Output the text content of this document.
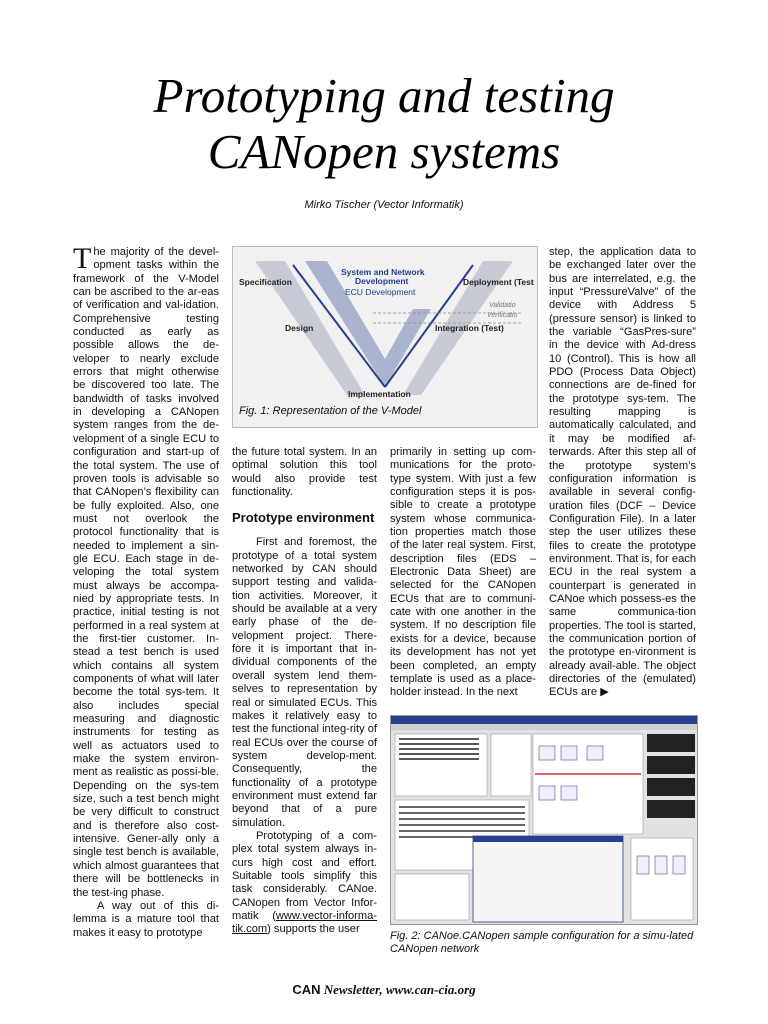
Prototyping and testing
CANopen systems
Mirko Tischer (Vector Informatik)

The majority of the devel-opment tasks within the framework of the V-Model can be ascribed to the ar-eas of verification and val-idation. Comprehensive testing conducted as early as possible allows the de-veloper to nearly exclude errors that might otherwise be discovered too late. The bandwidth of tasks involved in developing a CANopen system ranges from the de-velopment of a single ECU to configuration and start-up of the total system. The use of proven tools is advisable so that CANopen’s flexibility can be fully exploited. Also, one must not overlook the protocol functionality that is needed to implement a sin-gle ECU. Each stage in de-veloping the total system must always be accompa-nied by appropriate tests. In practice, initial testing is not performed in a real system at the first-tier customer. In-stead a test bench is used which contains all system components of what will later become the total sys-tem. It also includes special measuring and diagnostic instruments for testing as well as actuators used to make the system environ-ment as realistic as possi-ble. Depending on the sys-tem size, such a test bench might be very difficult to construct and is therefore also cost-intensive. Gener-ally only a single test bench is available, which almost guarantees that there will be bottlenecks in the test-ing phase.

A way out of this di-lemma is a mature tool that makes it easy to prototype

Specification
Design
System and Network
Development
ECU Development
Deployment (Test
Validatio
Verificatio
Integration (Test)
Implementation
Fig. 1: Representation of the V-Model

the future total system. In an optimal solution this tool would also provide test functionality.

Prototype environment

First and foremost, the prototype of a total system networked by CAN should support testing and valida-tion activities. Moreover, it should be available at a very early phase of the de-velopment project. There-fore it is important that in-dividual components of the overall system lend them-selves to representation by real or simulated ECUs. This makes it relatively easy to test the functional integ-rity of real ECUs over the course of system develop-ment. Consequently, the functionality of a prototype environment must extend far beyond that of a pure simulation.

Prototyping of a com-plex total system always in-curs high cost and effort. Suitable tools simplify this task considerably. CANoe. CANopen from Vector Infor-matik (www.vector-informa-tik.com) supports the user

primarily in setting up com-munications for the proto-type system. With just a few configuration steps it is pos-sible to create a prototype system whose communica-tion properties match those of the later real system. First, description files (EDS – Electronic Data Sheet) are selected for the CANopen ECUs that are to communi-cate with one another in the system. If no description file exists for a device, because its development has not yet been completed, an empty template is used as a place-holder instead. In the next

step, the application data to be exchanged later over the bus are interrelated, e.g. the input “PressureValve” of the device with Address 5 (pressure sensor) is linked to the variable “GasPres-sure” in the device with Ad-dress 10 (Control). This is how all PDO (Process Data Object) connections are de-fined for the prototype sys-tem. The resulting mapping is automatically calculated, and it may be modified af-terwards. After this step all of the prototype system’s configuration information is available in several config-uration files (DCF – Device Configuration File). In a later step the user utilizes these files to create the prototype environment. That is, for each ECU in the real system a counterpart is generated in CANoe which possess-es the same communica-tion properties. The tool is started, the communication portion of the prototype en-vironment is already avail-able. The object directories of the (emulated) ECUs are ▶

Fig. 2: CANoe.CANopen sample configuration for a simu-lated CANopen network
CAN Newsletter, www.can-cia.org
